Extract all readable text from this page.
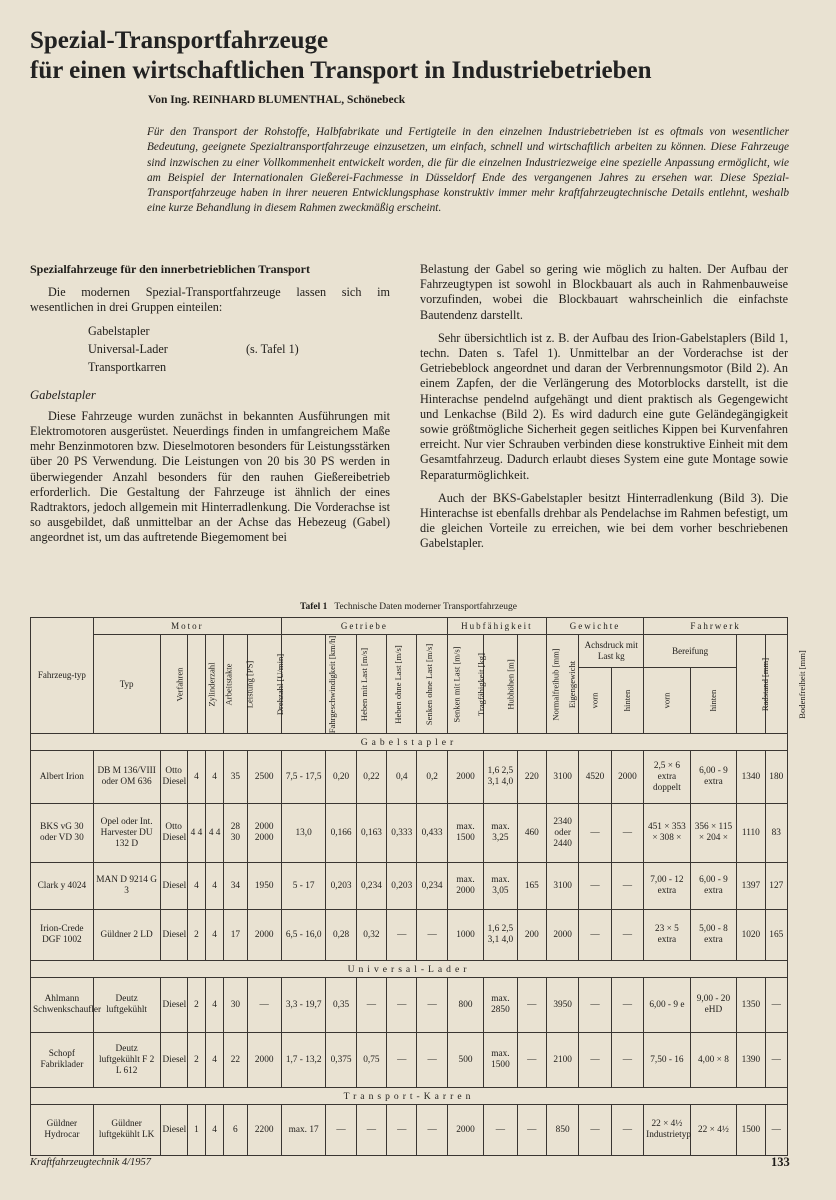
Spezial-Transportfahrzeuge
für einen wirtschaftlichen Transport in Industriebetrieben
Von Ing. REINHARD BLUMENTHAL, Schönebeck
Für den Transport der Rohstoffe, Halbfabrikate und Fertigteile in den einzelnen Industriebetrieben ist es oftmals von wesentlicher Bedeutung, geeignete Spezialtransportfahrzeuge einzusetzen, um einfach, schnell und wirtschaftlich arbeiten zu können. Diese Fahrzeuge sind inzwischen zu einer Vollkommenheit entwickelt worden, die für die einzelnen Industriezweige eine spezielle Anpassung ermöglicht, wie am Beispiel der Internationalen Gießerei-Fachmesse in Düsseldorf Ende des vergangenen Jahres zu ersehen war. Diese Spezial-Transportfahrzeuge haben in ihrer neueren Entwicklungsphase konstruktiv immer mehr kraftfahrzeugtechnische Details entlehnt, weshalb eine kurze Behandlung in diesem Rahmen zweckmäßig erscheint.
Spezialfahrzeuge für den innerbetrieblichen Transport

Die modernen Spezial-Transportfahrzeuge lassen sich im wesentlichen in drei Gruppen einteilen:

Gabelstapler
Universal-Lader	(s. Tafel 1)
Transportkarren
Gabelstapler

Diese Fahrzeuge wurden zunächst in bekannten Ausführungen mit Elektromotoren ausgerüstet. Neuerdings finden in umfangreichem Maße mehr Benzinmotoren bzw. Dieselmotoren besonders für Leistungsstärken über 20 PS Verwendung. Die Leistungen von 20 bis 30 PS werden in überwiegender Anzahl besonders für den rauhen Gießereibetrieb erforderlich. Die Gestaltung der Fahrzeuge ist ähnlich der eines Radtraktors, jedoch allgemein mit Hinterradlenkung. Die Vorderachse ist so ausgebildet, daß unmittelbar an der Achse das Hebezeug (Gabel) angeordnet ist, um das auftretende Biegemoment bei

Belastung der Gabel so gering wie möglich zu halten. Der Aufbau der Fahrzeugtypen ist sowohl in Blockbauart als auch in Rahmenbauweise vorzufinden, wobei die Blockbauart wahrscheinlich die einfachste Bautendenz darstellt.

Sehr übersichtlich ist z. B. der Aufbau des Irion-Gabelstaplers (Bild 1, techn. Daten s. Tafel 1). Unmittelbar an der Vorderachse ist der Getriebeblock angeordnet und daran der Verbrennungsmotor (Bild 2). An einem Zapfen, der die Verlängerung des Motorblocks darstellt, ist die Hinterachse pendelnd aufgehängt und dient praktisch als Gegengewicht und Lenkachse (Bild 2). Es wird dadurch eine gute Geländegängigkeit sowie größtmögliche Sicherheit gegen seitliches Kippen bei Kurvenfahren erreicht. Nur vier Schrauben verbinden diese konstruktive Einheit mit dem Gesamtfahrzeug. Dadurch erlaubt dieses System eine gute Montage sowie Reparaturmöglichkeit.

Auch der BKS-Gabelstapler besitzt Hinterradlenkung (Bild 3). Die Hinterachse ist ebenfalls drehbar als Pendelachse im Rahmen befestigt, um die gleichen Vorteile zu erreichen, wie bei dem vorher beschriebenen Gabelstapler.

Tafel 1 Technische Daten moderner Transportfahrzeuge
Fahrzeug-typ	Motor						Getriebe					Hubfähigkeit			Gewichte			Fahrwerk			
	Typ	Verfahren	Zylinderzahl	Arbeitstakte	Leistung [PS]	Drehzahl [U/min]	Fahrgeschwindigkeit [km/h]	Heben mit Last [m/s]	Heben ohne Last [m/s]	Senken ohne Last [m/s]	Senken mit Last [m/s]	Tragfähigkeit [kg]	Hubhöhen [m]	Normalfreihub [mm]	Eigengewicht	Achsdruck mit Last kg		Bereifung		Radstand [mm]	Bodenfreiheit [mm]
																vorn	hinten	vorn	hinten		
Gabelstapler																					
Albert Irion	DB M 136/VIII oder OM 636	Otto Diesel	4	4	35	2500	7,5 - 17,5	0,20	0,22	0,4	0,2	2000	1,6 2,5 3,1 4,0	220	3100	4520	2000	2,5 × 6 extra doppelt	6,00 - 9 extra	1340	180
BKS vG 30 oder VD 30	Opel oder Int. Harvester DU 132 D	Otto Diesel	4 4	4 4	28 30	2000 2000	13,0	0,166	0,163	0,333	0,433	max. 1500	max. 3,25	460	2340 oder 2440	—	—	451 × 353 × 308 ×	356 × 115 × 204 ×	1110	83
Clark y 4024	MAN D 9214 G 3	Diesel	4	4	34	1950	5 - 17	0,203	0,234	0,203	0,234	max. 2000	max. 3,05	165	3100	—	—	7,00 - 12 extra	6,00 - 9 extra	1397	127
Irion-Crede DGF 1002	Güldner 2 LD	Diesel	2	4	17	2000	6,5 - 16,0	0,28	0,32	—	—	1000	1,6 2,5 3,1 4,0	200	2000	—	—	23 × 5 extra	5,00 - 8 extra	1020	165
Universal-Lader																					
Ahlmann Schwenkschaufler	Deutz luftgekühlt	Diesel	2	4	30	—	3,3 - 19,7	0,35	—	—	—	800	max. 2850	—	3950	—	—	6,00 - 9 e	9,00 - 20 eHD	1350	—
Schopf Fabriklader	Deutz luftgekühlt F 2 L 612	Diesel	2	4	22	2000	1,7 - 13,2	0,375	0,75	—	—	500	max. 1500	—	2100	—	—	7,50 - 16	4,00 × 8	1390	—
Transport-Karren																					
Güldner Hydrocar	Güldner luftgekühlt LK	Diesel	1	4	6	2200	max. 17	—	—	—	—	2000	—	—	850	—	—	22 × 4½ Industrietyp	22 × 4½	1500	—
Kraftfahrzeugtechnik 4/1957	133
